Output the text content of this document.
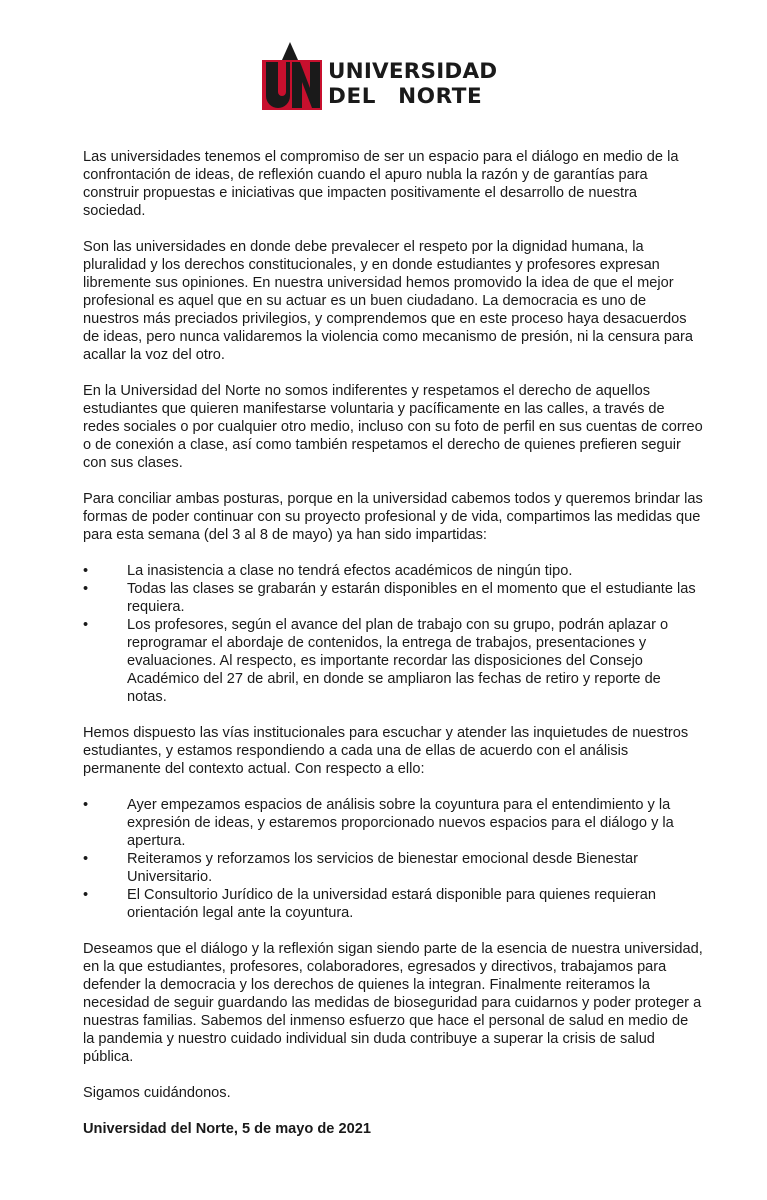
UNIVERSIDAD
DEL NORTE

Las universidades tenemos el compromiso de ser un espacio para el diálogo en medio de la confrontación de ideas, de reflexión cuando el apuro nubla la razón y de garantías para construir propuestas e iniciativas que impacten positivamente el desarrollo de nuestra sociedad.

Son las universidades en donde debe prevalecer el respeto por la dignidad humana, la pluralidad y los derechos constitucionales, y en donde estudiantes y profesores expresan libremente sus opiniones. En nuestra universidad hemos promovido la idea de que el mejor profesional es aquel que en su actuar es un buen ciudadano. La democracia es uno de nuestros más preciados privilegios, y comprendemos que en este proceso haya desacuerdos de ideas, pero nunca validaremos la violencia como mecanismo de presión, ni la censura para acallar la voz del otro.

En la Universidad del Norte no somos indiferentes y respetamos el derecho de aquellos estudiantes que quieren manifestarse voluntaria y pacíficamente en las calles, a través de redes sociales o por cualquier otro medio, incluso con su foto de perfil en sus cuentas de correo o de conexión a clase, así como también respetamos el derecho de quienes prefieren seguir con sus clases.

Para conciliar ambas posturas, porque en la universidad cabemos todos y queremos brindar las formas de poder continuar con su proyecto profesional y de vida, compartimos las medidas que para esta semana (del 3 al 8 de mayo) ya han sido impartidas:

•	La inasistencia a clase no tendrá efectos académicos de ningún tipo.
•	Todas las clases se grabarán y estarán disponibles en el momento que el estudiante las requiera.
•	Los profesores, según el avance del plan de trabajo con su grupo, podrán aplazar o reprogramar el abordaje de contenidos, la entrega de trabajos, presentaciones y evaluaciones. Al respecto, es importante recordar las disposiciones del Consejo Académico del 27 de abril, en donde se ampliaron las fechas de retiro y reporte de notas.

Hemos dispuesto las vías institucionales para escuchar y atender las inquietudes de nuestros estudiantes, y estamos respondiendo a cada una de ellas de acuerdo con el análisis permanente del contexto actual. Con respecto a ello:

•	Ayer empezamos espacios de análisis sobre la coyuntura para el entendimiento y la expresión de ideas, y estaremos proporcionado nuevos espacios para el diálogo y la apertura.
•	Reiteramos y reforzamos los servicios de bienestar emocional desde Bienestar Universitario.
•	El Consultorio Jurídico de la universidad estará disponible para quienes requieran orientación legal ante la coyuntura.

Deseamos que el diálogo y la reflexión sigan siendo parte de la esencia de nuestra universidad, en la que estudiantes, profesores, colaboradores, egresados y directivos, trabajamos para defender la democracia y los derechos de quienes la integran. Finalmente reiteramos la necesidad de seguir guardando las medidas de bioseguridad para cuidarnos y poder proteger a nuestras familias. Sabemos del inmenso esfuerzo que hace el personal de salud en medio de la pandemia y nuestro cuidado individual sin duda contribuye a superar la crisis de salud pública.

Sigamos cuidándonos.

Universidad del Norte, 5 de mayo de 2021
